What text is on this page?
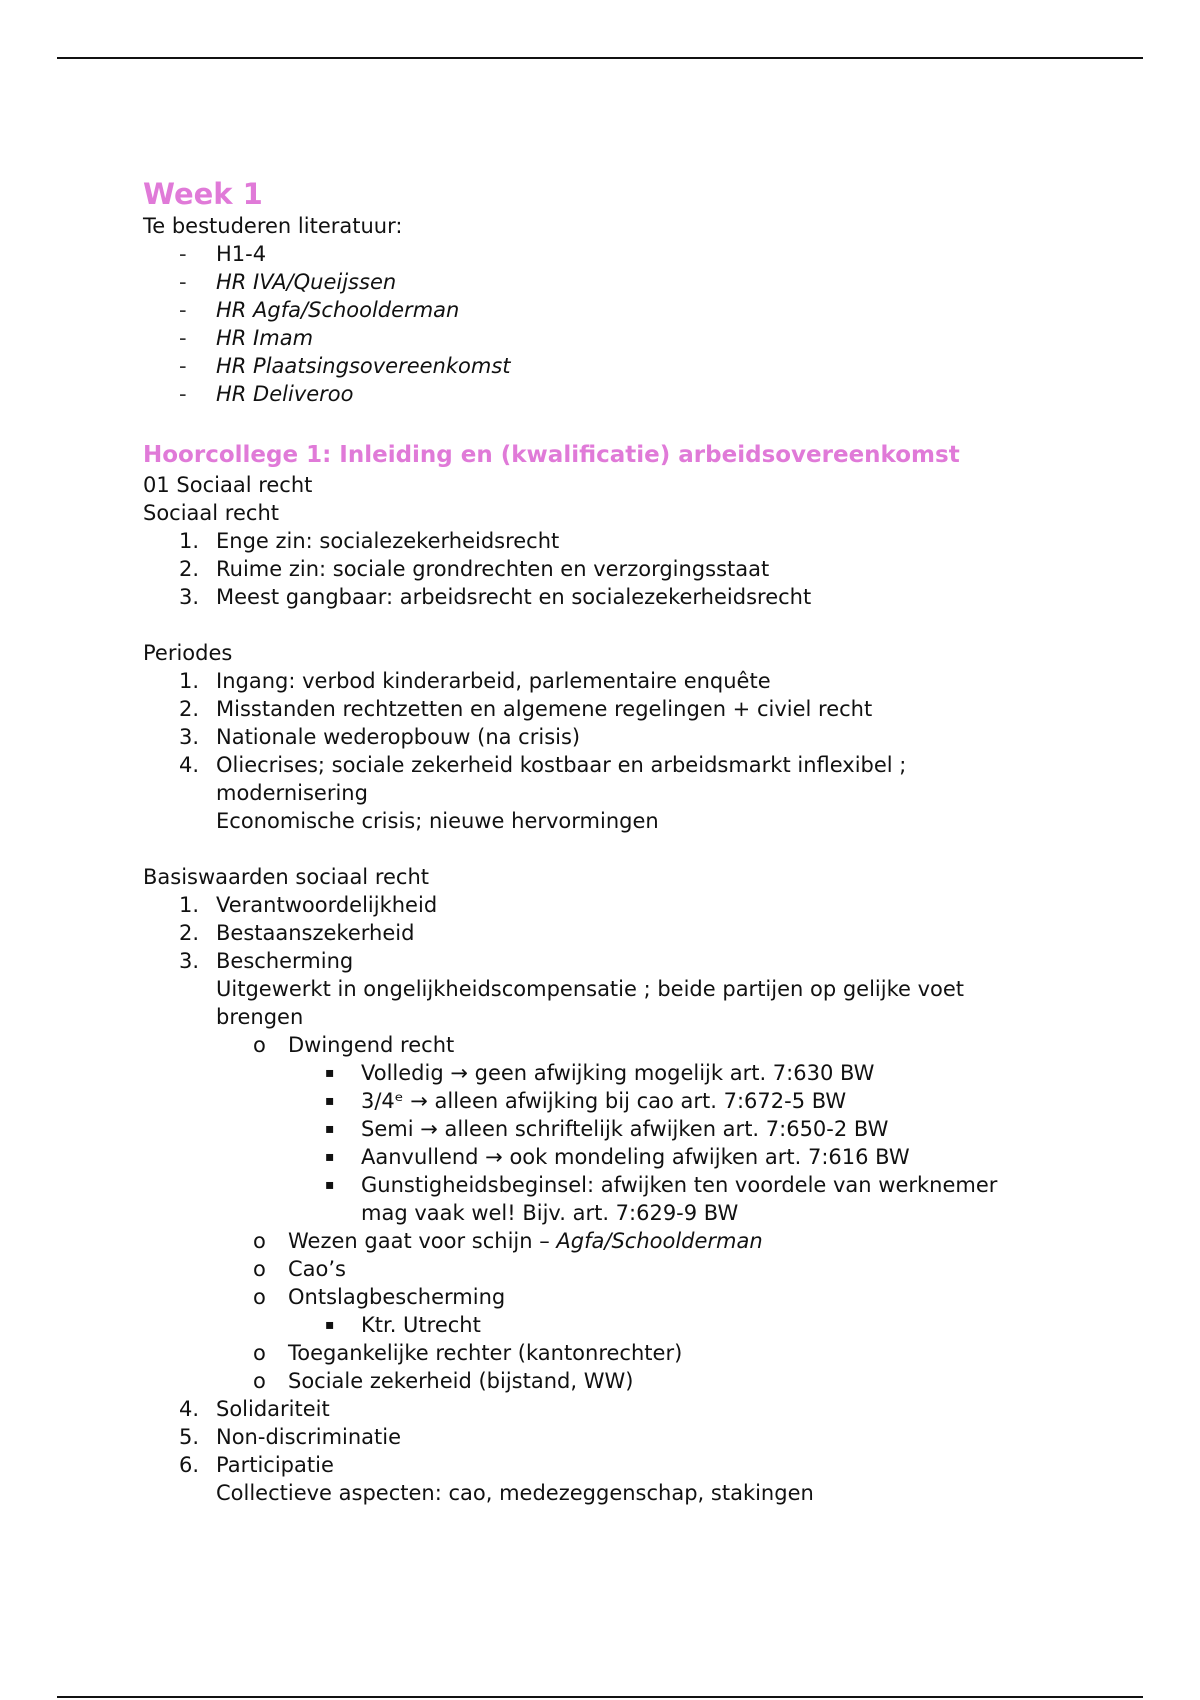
Week 1
Te bestuderen literatuur:
- H1-4
- HR IVA/Queijssen
- HR Agfa/Schoolderman
- HR Imam
- HR Plaatsingsovereenkomst
- HR Deliveroo
Hoorcollege 1: Inleiding en (kwalificatie) arbeidsovereenkomst
01 Sociaal recht
Sociaal recht
1. Enge zin: socialezekerheidsrecht
2. Ruime zin: sociale grondrechten en verzorgingsstaat
3. Meest gangbaar: arbeidsrecht en socialezekerheidsrecht
Periodes
1. Ingang: verbod kinderarbeid, parlementaire enquête
2. Misstanden rechtzetten en algemene regelingen + civiel recht
3. Nationale wederopbouw (na crisis)
4. Oliecrises; sociale zekerheid kostbaar en arbeidsmarkt inflexibel ;
modernisering
Economische crisis; nieuwe hervormingen
Basiswaarden sociaal recht
1. Verantwoordelijkheid
2. Bestaanszekerheid
3. Bescherming
Uitgewerkt in ongelijkheidscompensatie ; beide partijen op gelijke voet
brengen
o Dwingend recht
▪ Volledig → geen afwijking mogelijk art. 7:630 BW
▪ 3/4ᵉ → alleen afwijking bij cao art. 7:672-5 BW
▪ Semi → alleen schriftelijk afwijken art. 7:650-2 BW
▪ Aanvullend → ook mondeling afwijken art. 7:616 BW
▪ Gunstigheidsbeginsel: afwijken ten voordele van werknemer
mag vaak wel! Bijv. art. 7:629-9 BW
o Wezen gaat voor schijn – Agfa/Schoolderman
o Cao’s
o Ontslagbescherming
▪ Ktr. Utrecht
o Toegankelijke rechter (kantonrechter)
o Sociale zekerheid (bijstand, WW)
4. Solidariteit
5. Non-discriminatie
6. Participatie
Collectieve aspecten: cao, medezeggenschap, stakingen
